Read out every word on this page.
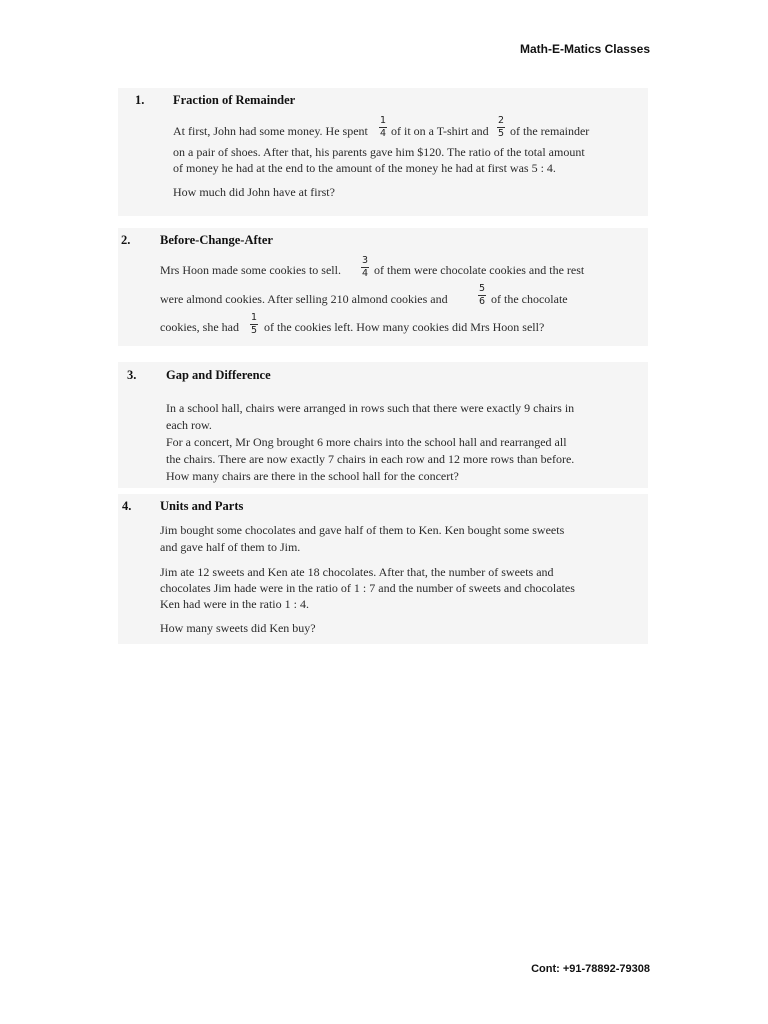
Math-E-Matics Classes
1. Fraction of Remainder
At first, John had some money. He spent
1
4 of it on a T-shirt and
2
5 of the remainder
on a pair of shoes. After that, his parents gave him $120. The ratio of the total amount
of money he had at the end to the amount of the money he had at first was 5 : 4.
How much did John have at first?
2. Before-Change-After
Mrs Hoon made some cookies to sell.
3
4 of them were chocolate cookies and the rest
were almond cookies. After selling 210 almond cookies and
5
6 of the chocolate
cookies, she had
1
5 of the cookies left. How many cookies did Mrs Hoon sell?
3. Gap and Difference
In a school hall, chairs were arranged in rows such that there were exactly 9 chairs in
each row.
For a concert, Mr Ong brought 6 more chairs into the school hall and rearranged all
the chairs. There are now exactly 7 chairs in each row and 12 more rows than before.
How many chairs are there in the school hall for the concert?
4. Units and Parts
Jim bought some chocolates and gave half of them to Ken. Ken bought some sweets
and gave half of them to Jim.
Jim ate 12 sweets and Ken ate 18 chocolates. After that, the number of sweets and
chocolates Jim hade were in the ratio of 1 : 7 and the number of sweets and chocolates
Ken had were in the ratio 1 : 4.
How many sweets did Ken buy?
Cont: +91-78892-79308
